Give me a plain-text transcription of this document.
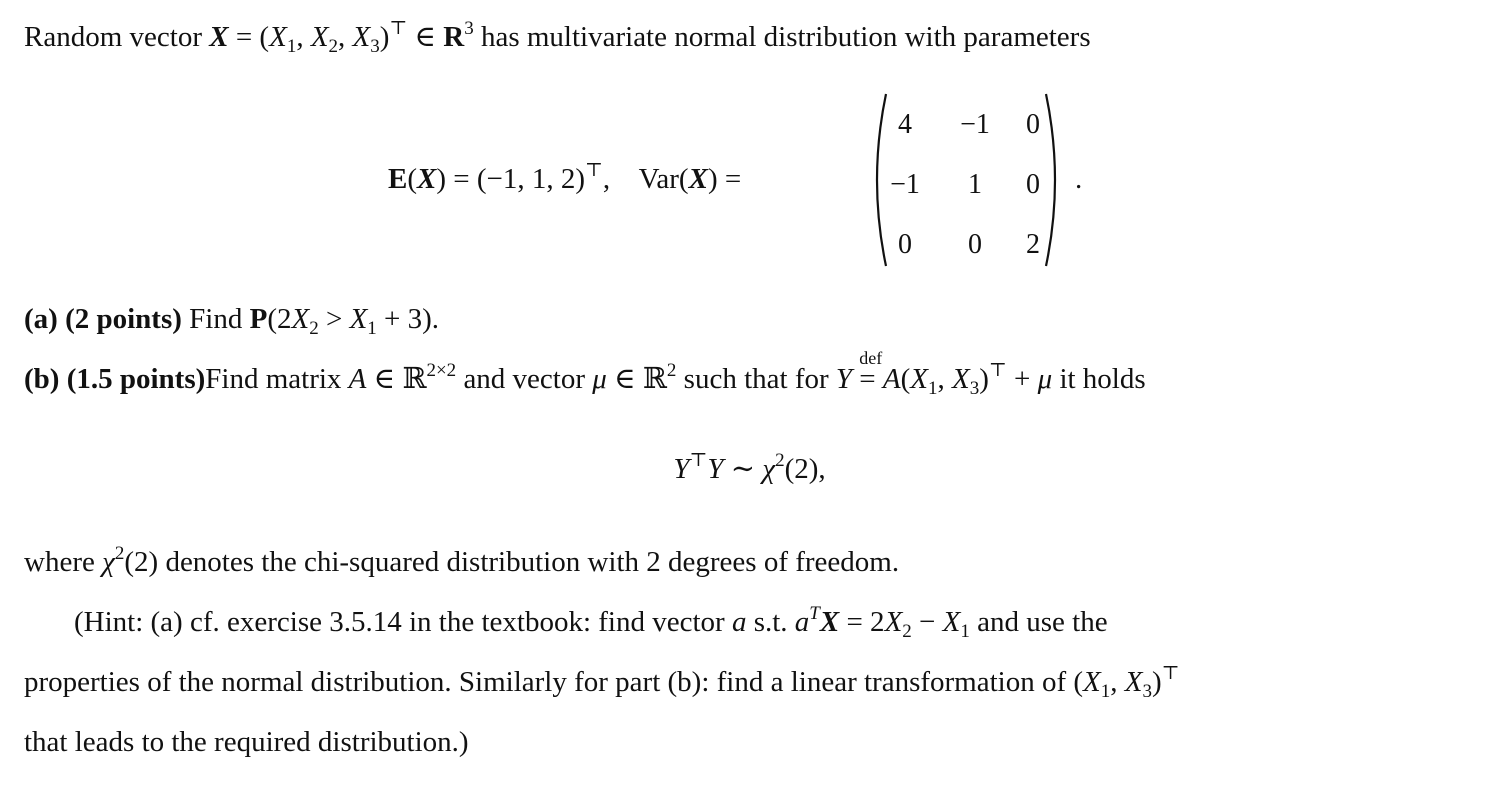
Random vector $X = (X_1$, $X_2$, $X_3)^⊤$ ∈ $R^3$ has multivariate normal distribution with parameters
E(X) = (−1, 1, 2)⊤,    Var(X) =
4	−1	0
−1	1	0
0	0	2
.
(a) (2 points) Find $P(2X_2 > X_1 + 3)$.
(b) (1.5 points)Find matrix A ∈ ℝ$^{2\times 2}$ and vector μ ∈ ℝ$^2$ such that for Y
def
= $A(X_1$, $X_3)^⊤ + \mu$ it holds
Y⊤Y ∼ $\chi^2(2)$,
where $\chi^2(2)$ denotes the chi-squared distribution with 2 degrees of freedom.
(Hint: (a) cf. exercise 3.5.14 in the textbook: find vector a s.t. $a^TX = 2X_2 - X_1$ and use the
properties of the normal distribution. Similarly for part (b): find a linear transformation of ($X_1$, $X_3)^⊤$
that leads to the required distribution.)
